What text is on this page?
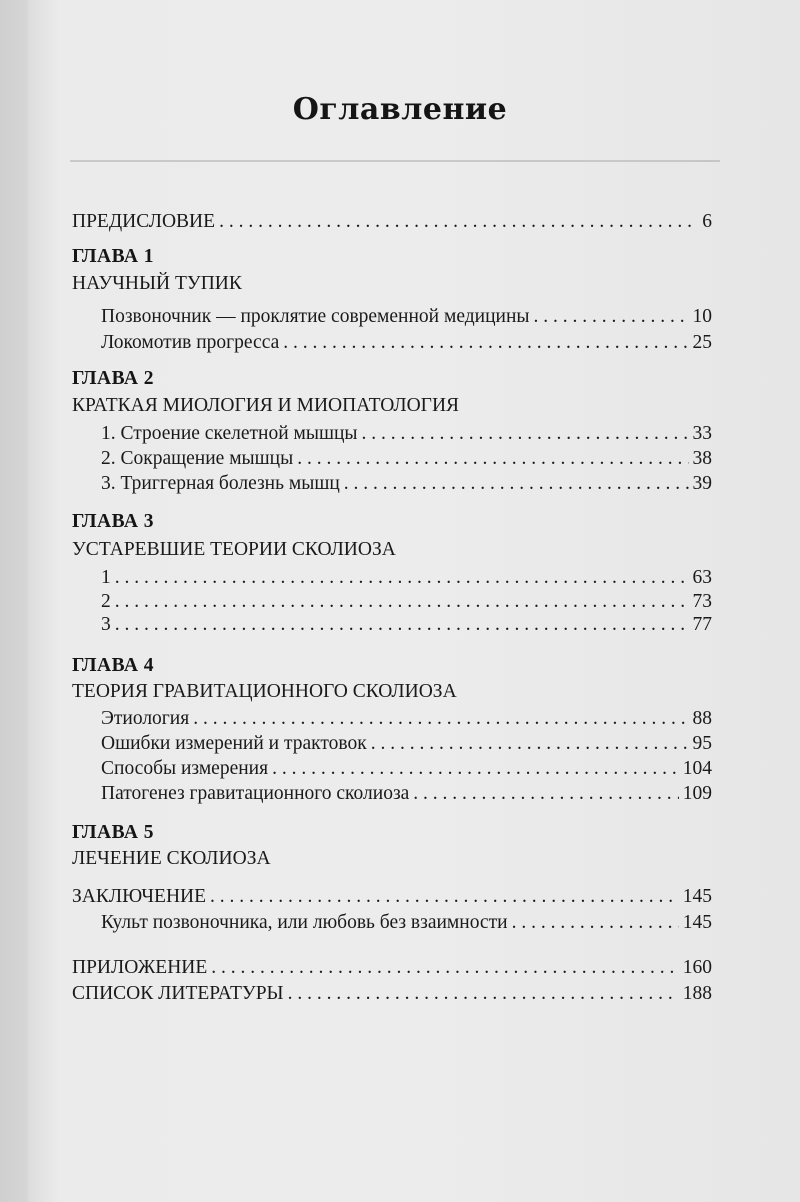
Оглавление
ПРЕДИСЛОВИЕ . . .	6
ГЛАВА 1
НАУЧНЫЙ ТУПИК
Позвоночник — проклятие современной медицины . . .	10
Локомотив прогресса . . .	25
ГЛАВА 2
КРАТКАЯ МИОЛОГИЯ И МИОПАТОЛОГИЯ
1. Строение скелетной мышцы . . .	33
2. Сокращение мышцы . . .	38
3. Триггерная болезнь мышц . . .	39
ГЛАВА 3
УСТАРЕВШИЕ ТЕОРИИ СКОЛИОЗА
1 . . .	63
2 . . .	73
3 . . .	77
ГЛАВА 4
ТЕОРИЯ ГРАВИТАЦИОННОГО СКОЛИОЗА
Этиология . . .	88
Ошибки измерений и трактовок . . .	95
Способы измерения . . .	104
Патогенез гравитационного сколиоза . . .	109
ГЛАВА 5
ЛЕЧЕНИЕ СКОЛИОЗА
ЗАКЛЮЧЕНИЕ . . .	145
Культ позвоночника, или любовь без взаимности . . .	145
ПРИЛОЖЕНИЕ . . .	160
СПИСОК ЛИТЕРАТУРЫ . . .	188
